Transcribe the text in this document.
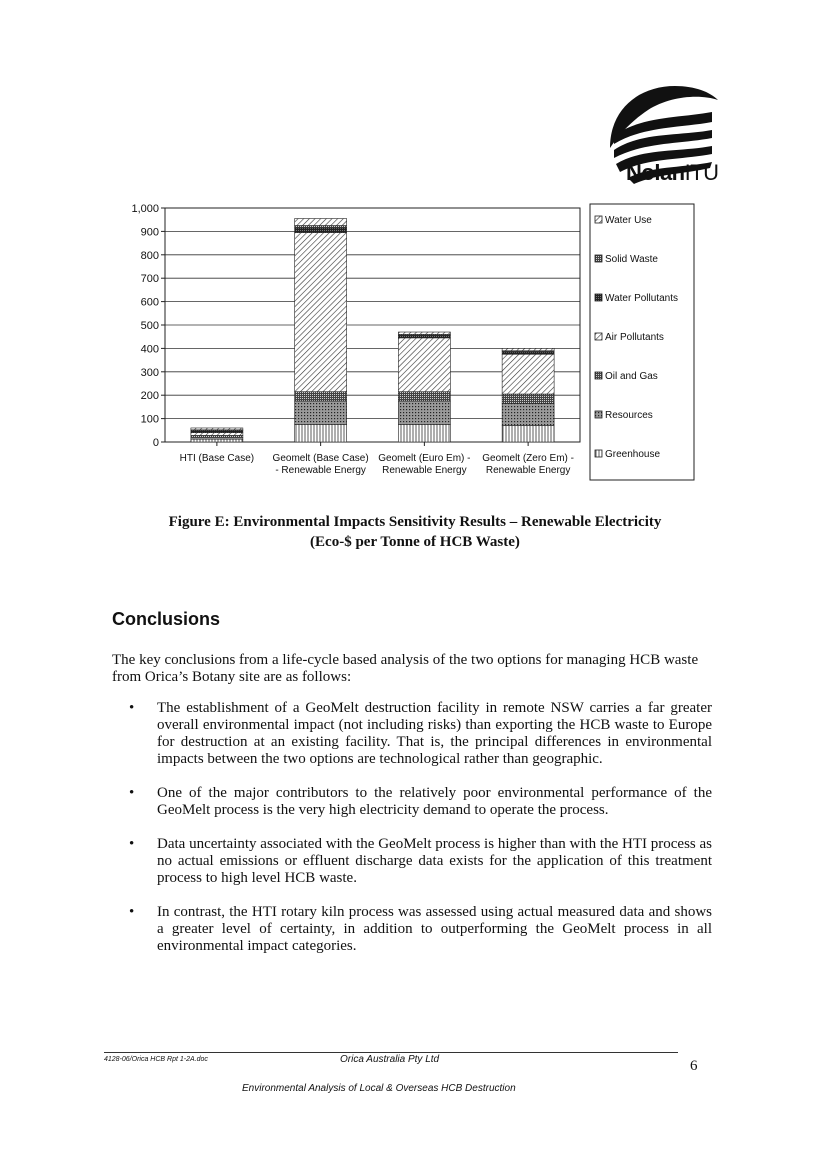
NolanITU
0
100
200
300
400
500
600
700
800
900
1,000
HTI (Base Case) Geomelt (Base Case)
- Renewable Energy
Geomelt (Euro Em) -
Renewable Energy
Geomelt (Zero Em) -
Renewable Energy
Water Use
Solid Waste
Water Pollutants
Air Pollutants
Oil and Gas
Resources
Greenhouse
Figure E: Environmental Impacts Sensitivity Results – Renewable Electricity
(Eco-$ per Tonne of HCB Waste)
Conclusions
The key conclusions from a life-cycle based analysis of the two options for managing HCB waste from Orica’s Botany site are as follows:
• The establishment of a GeoMelt destruction facility in remote NSW carries a far greater overall environmental impact (not including risks) than exporting the HCB waste to Europe for destruction at an existing facility. That is, the principal differences in environmental impacts between the two options are technological rather than geographic.
• One of the major contributors to the relatively poor environmental performance of the GeoMelt process is the very high electricity demand to operate the process.
• Data uncertainty associated with the GeoMelt process is higher than with the HTI process as no actual emissions or effluent discharge data exists for the application of this treatment process to high level HCB waste.
• In contrast, the HTI rotary kiln process was assessed using actual measured data and shows a greater level of certainty, in addition to outperforming the GeoMelt process in all environmental impact categories.
4128-06/Orica HCB Rpt 1-2A.doc	Orica Australia Pty Ltd	6
Environmental Analysis of Local & Overseas HCB Destruction
